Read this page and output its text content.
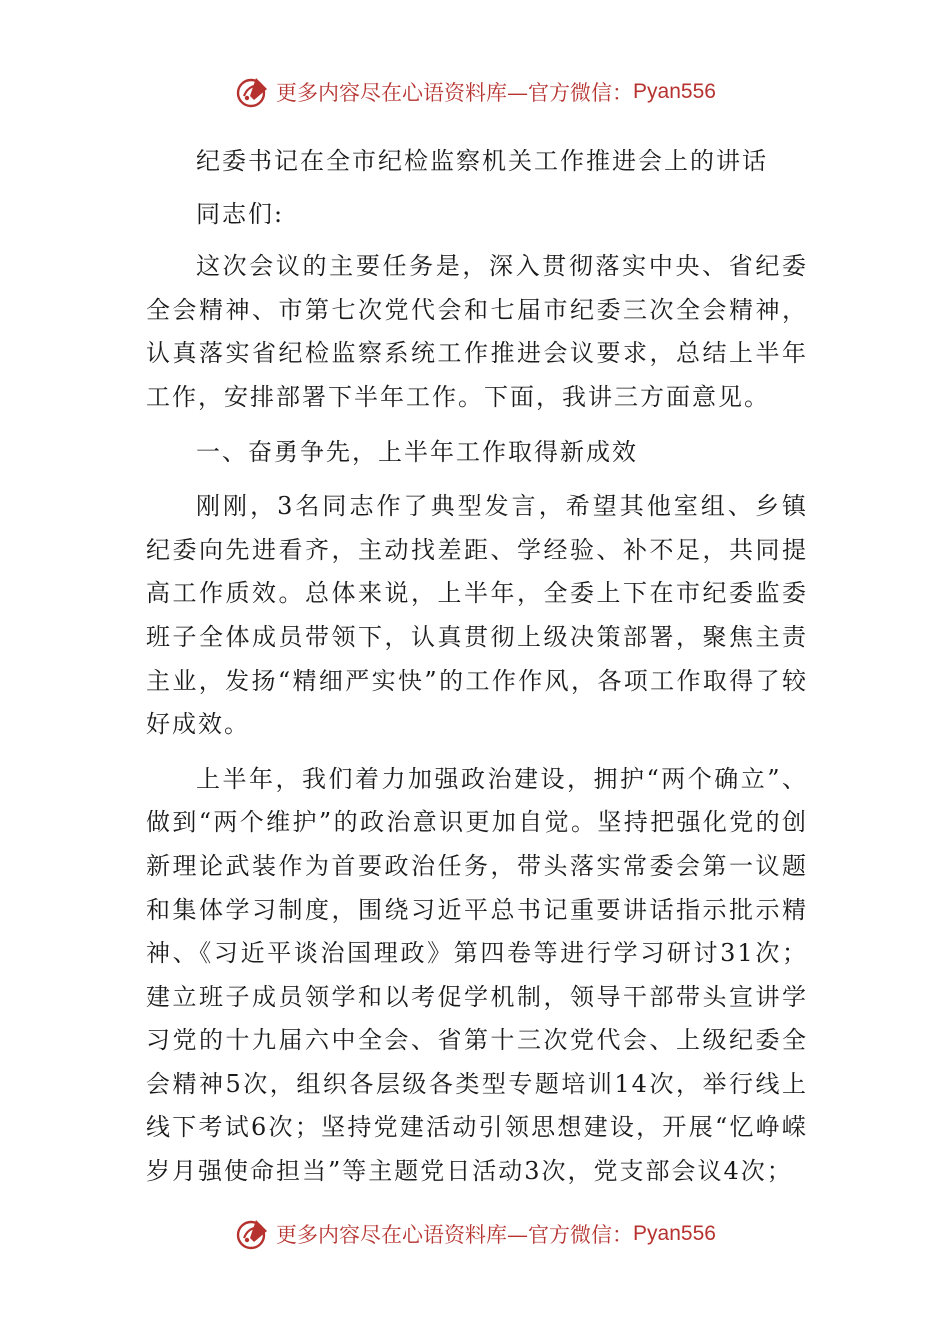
更多内容尽在心语资料库—官方微信： Pyan556

纪委书记在全市纪检监察机关工作推进会上的讲话

同志们:

这次会议的主要任务是，深入贯彻落实中央、省纪委全会精神、市第七次党代会和七届市纪委三次全会精神，认真落实省纪检监察系统工作推进会议要求，总结上半年工作，安排部署下半年工作。下面，我讲三方面意见。

一、奋勇争先，上半年工作取得新成效

刚刚，3名同志作了典型发言，希望其他室组、乡镇纪委向先进看齐，主动找差距、学经验、补不足，共同提高工作质效。总体来说，上半年，全委上下在市纪委监委班子全体成员带领下，认真贯彻上级决策部署，聚焦主责主业，发扬“精细严实快”的工作作风，各项工作取得了较好成效。

上半年，我们着力加强政治建设，拥护“两个确立”、做到“两个维护”的政治意识更加自觉。坚持把强化党的创新理论武装作为首要政治任务，带头落实常委会第一议题和集体学习制度，围绕习近平总书记重要讲话指示批示精神、《习近平谈治国理政》第四卷等进行学习研讨31次；建立班子成员领学和以考促学机制，领导干部带头宣讲学习党的十九届六中全会、省第十三次党代会、上级纪委全会精神5次，组织各层级各类型专题培训14次，举行线上线下考试6次；坚持党建活动引领思想建设，开展“忆峥嵘岁月强使命担当”等主题党日活动3次，党支部会议4次；

更多内容尽在心语资料库—官方微信： Pyan556
